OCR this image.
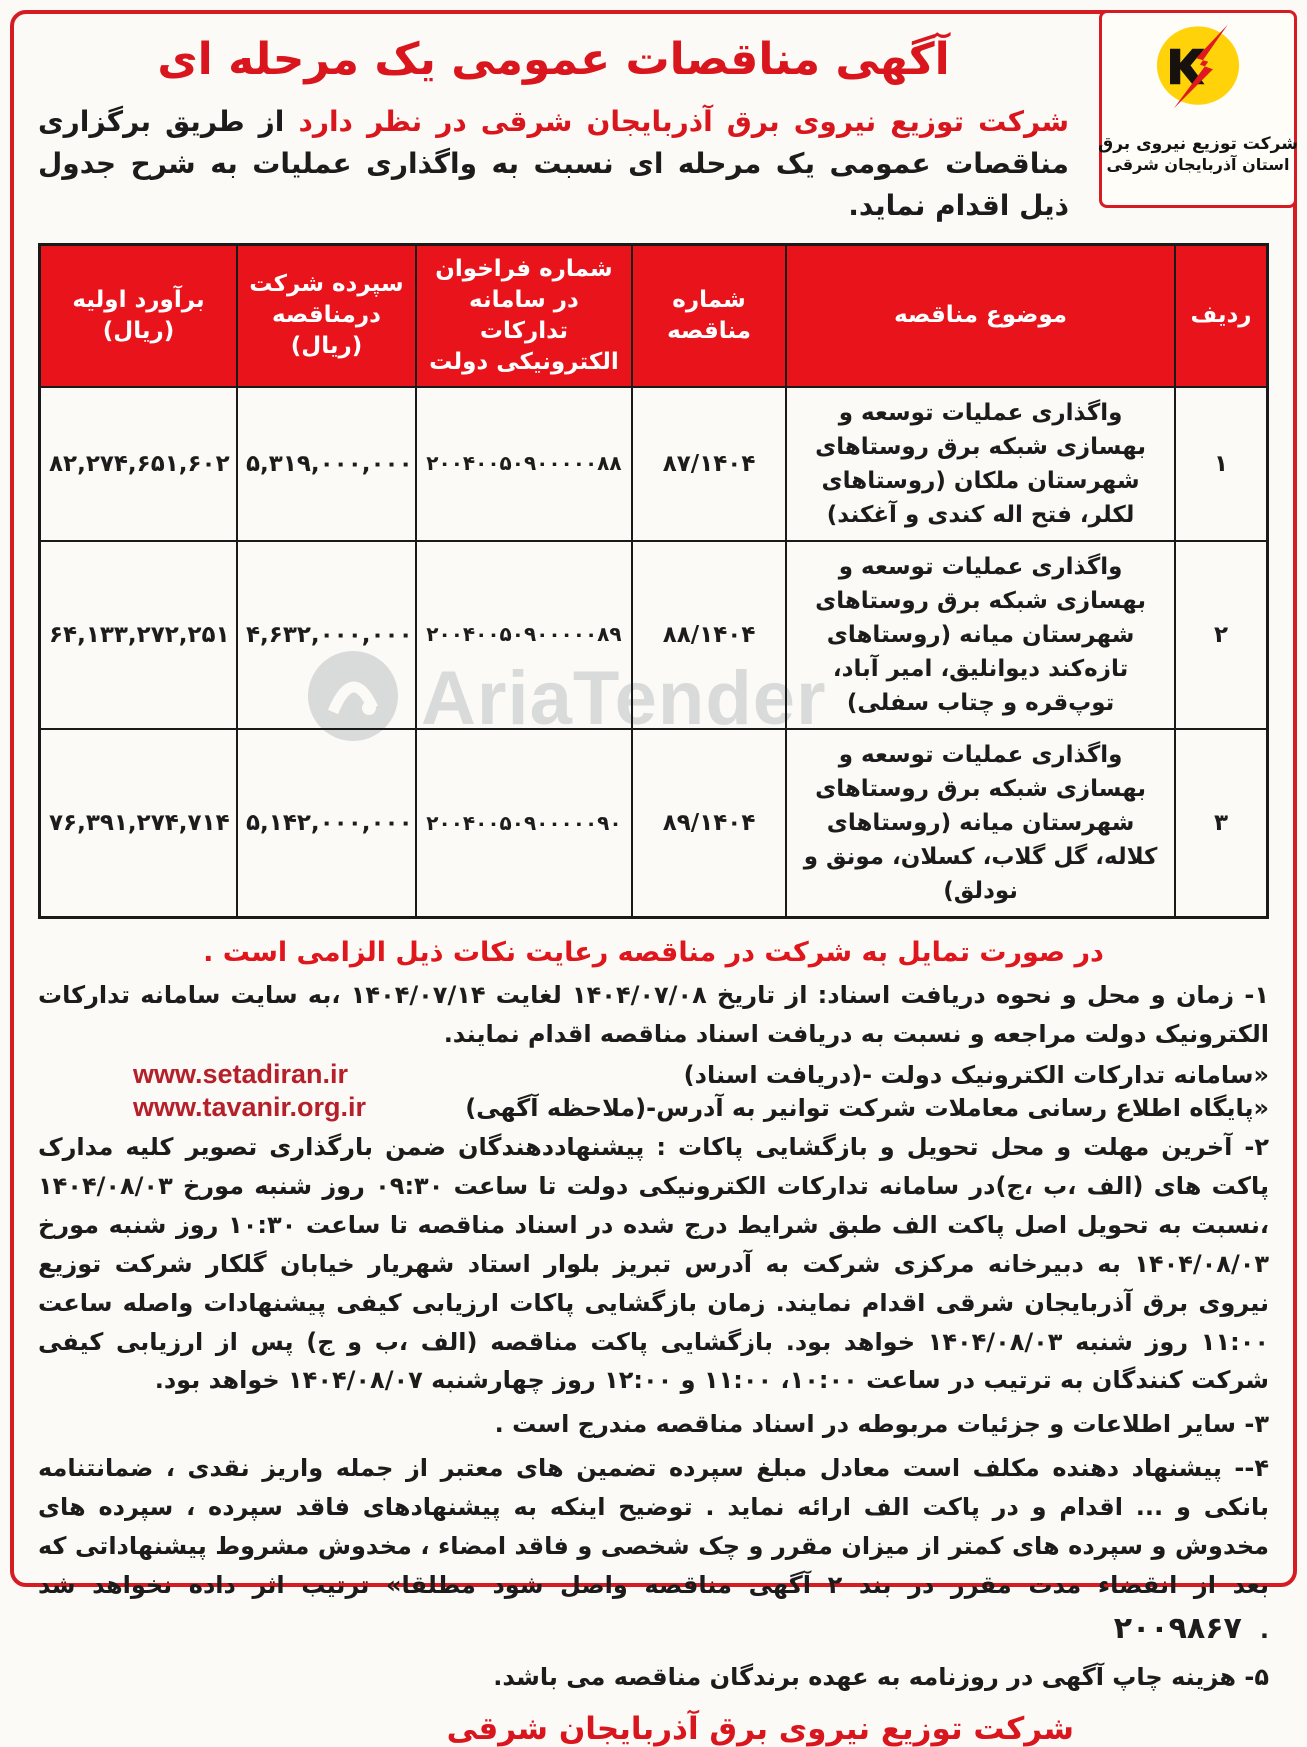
AriaTender
شرکت توزیع نیروی برق
استان آذربایجان شرقی
آگهی مناقصات عمومی یک مرحله ای

شرکت توزیع نیروی برق آذربایجان شرقی در نظر دارد از طریق برگزاری مناقصات عمومی یک مرحله ای نسبت به واگذاری عملیات به شرح جدول ذیل اقدام نماید.

ردیف	موضوع مناقصه	شماره مناقصه	شماره فراخوان در سامانه تدارکات الکترونیکی دولت	سپرده شرکت درمناقصه (ریال)	برآورد اولیه (ریال)
۱	واگذاری عملیات توسعه و بهسازی شبکه برق روستاهای شهرستان ملکان (روستاهای لکلر، فتح اله کندی و آغکند)	۸۷/۱۴۰۴	۲۰۰۴۰۰۵۰۹۰۰۰۰۰۸۸	۵,۳۱۹,۰۰۰,۰۰۰	۸۲,۲۷۴,۶۵۱,۶۰۲
۲	واگذاری عملیات توسعه و بهسازی شبکه برق روستاهای شهرستان میانه (روستاهای تازه‌کند دیوانلیق، امیر آباد، توپ‌قره و چتاب سفلی)	۸۸/۱۴۰۴	۲۰۰۴۰۰۵۰۹۰۰۰۰۰۸۹	۴,۶۳۲,۰۰۰,۰۰۰	۶۴,۱۳۳,۲۷۲,۲۵۱
۳	واگذاری عملیات توسعه و بهسازی شبکه برق روستاهای شهرستان میانه (روستاهای کلاله، گل گلاب، کسلان، مونق و نودلق)	۸۹/۱۴۰۴	۲۰۰۴۰۰۵۰۹۰۰۰۰۰۹۰	۵,۱۴۲,۰۰۰,۰۰۰	۷۶,۳۹۱,۲۷۴,۷۱۴

در صورت تمایل به شرکت در مناقصه رعایت نکات ذیل الزامی است .

۱- زمان و محل و نحوه دریافت اسناد: از تاریخ ۱۴۰۴/۰۷/۰۸ لغایت ۱۴۰۴/۰۷/۱۴ ،به سایت سامانه تدارکات الکترونیک دولت مراجعه و نسبت به دریافت اسناد مناقصه اقدام نمایند.

«سامانه تدارکات الکترونیک دولت -(دریافت اسناد)
www.setadiran.ir
«پایگاه اطلاع رسانی معاملات شرکت توانیر به آدرس-(ملاحظه آگهی)
www.tavanir.org.ir

۲- آخرین مهلت و محل تحویل و بازگشایی پاکات : پیشنهاددهندگان ضمن بارگذاری تصویر کلیه مدارک پاکت های (الف ،ب ،ج)در سامانه تدارکات الکترونیکی دولت تا ساعت ۰۹:۳۰ روز شنبه مورخ ۱۴۰۴/۰۸/۰۳ ،نسبت به تحویل اصل پاکت الف طبق شرایط درج شده در اسناد مناقصه تا ساعت ۱۰:۳۰ روز شنبه مورخ ۱۴۰۴/۰۸/۰۳ به دبیرخانه مرکزی شرکت به آدرس تبریز بلوار استاد شهریار خیابان گلکار شرکت توزیع نیروی برق آذربایجان شرقی اقدام نمایند. زمان بازگشایی پاکات ارزیابی کیفی پیشنهادات واصله ساعت ۱۱:۰۰ روز شنبه ۱۴۰۴/۰۸/۰۳ خواهد بود. بازگشایی پاکت مناقصه (الف ،ب و ج) پس از ارزیابی کیفی شرکت کنندگان به ترتیب در ساعت ۱۰:۰۰، ۱۱:۰۰ و ۱۲:۰۰ روز چهارشنبه ۱۴۰۴/۰۸/۰۷ خواهد بود.

۳- سایر اطلاعات و جزئیات مربوطه در اسناد مناقصه مندرج است .

۴-- پیشنهاد دهنده مکلف است معادل مبلغ سپرده تضمین های معتبر از جمله واریز نقدی ، ضمانتنامه بانکی و ... اقدام و در پاکت الف ارائه نماید . توضیح اینکه به پیشنهادهای فاقد سپرده ، سپرده های مخدوش و سپرده های کمتر از میزان مقرر و چک شخصی و فاقد امضاء ، مخدوش مشروط پیشنهاداتی که بعد از انقضاء مدت مقرر در بند ۲ آگهی مناقصه واصل شود مطلقا» ترتیب اثر داده نخواهد شد .۲۰۰۹۸۶۷

۵- هزینه چاپ آگهی در روزنامه به عهده برندگان مناقصه می باشد.

شرکت توزیع نیروی برق آذربایجان شرقی
